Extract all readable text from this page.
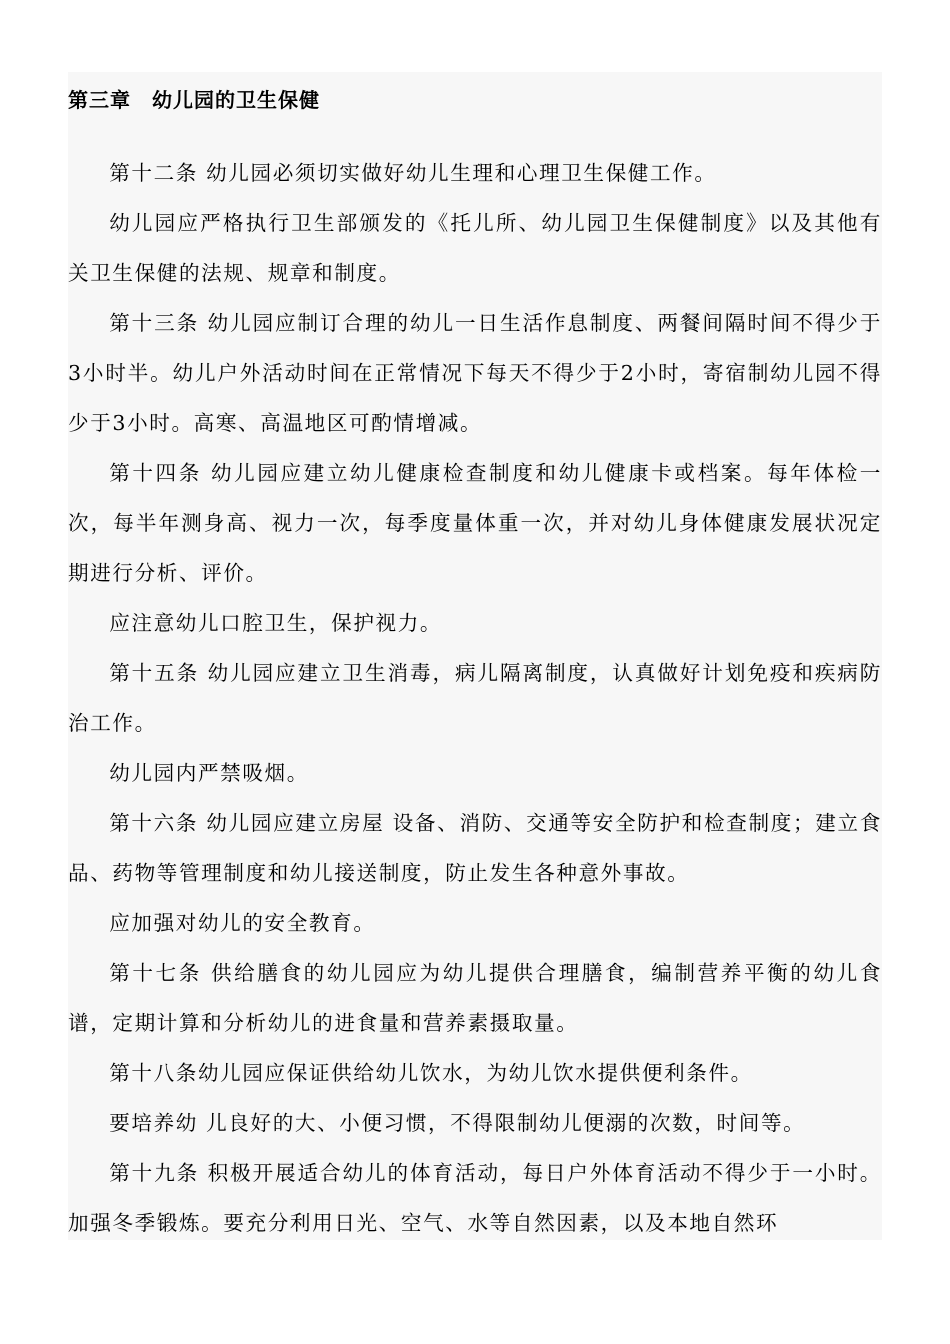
第三章　幼儿园的卫生保健

第十二条 幼儿园必须切实做好幼儿生理和心理卫生保健工作。

幼儿园应严格执行卫生部颁发的《托儿所、幼儿园卫生保健制度》以及其他有关卫生保健的法规、规章和制度。

第十三条 幼儿园应制订合理的幼儿一日生活作息制度、两餐间隔时间不得少于3小时半。幼儿户外活动时间在正常情况下每天不得少于2小时，寄宿制幼儿园不得少于3小时。高寒、高温地区可酌情增减。

第十四条 幼儿园应建立幼儿健康检查制度和幼儿健康卡或档案。每年体检一次，每半年测身高、视力一次，每季度量体重一次，并对幼儿身体健康发展状况定期进行分析、评价。

应注意幼儿口腔卫生，保护视力。

第十五条 幼儿园应建立卫生消毒，病儿隔离制度，认真做好计划免疫和疾病防治工作。

幼儿园内严禁吸烟。

第十六条 幼儿园应建立房屋 设备、消防、交通等安全防护和检查制度；建立食品、药物等管理制度和幼儿接送制度，防止发生各种意外事故。

应加强对幼儿的安全教育。

第十七条 供给膳食的幼儿园应为幼儿提供合理膳食，编制营养平衡的幼儿食谱，定期计算和分析幼儿的进食量和营养素摄取量。

第十八条幼儿园应保证供给幼儿饮水，为幼儿饮水提供便利条件。

要培养幼 儿良好的大、小便习惯，不得限制幼儿便溺的次数，时间等。

第十九条 积极开展适合幼儿的体育活动，每日户外体育活动不得少于一小时。加强冬季锻炼。要充分利用日光、空气、水等自然因素，以及本地自然环
